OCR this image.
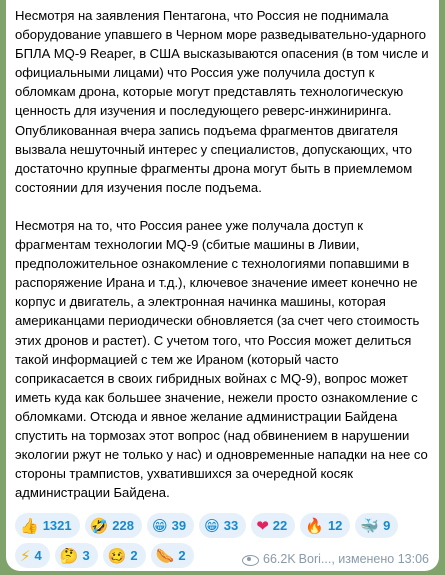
Несмотря на заявления Пентагона, что Россия не поднимала оборудование упавшего в Черном море разведывательно-ударного БПЛА MQ-9 Reaper, в США высказываются опасения (в том числе и официальными лицами) что Россия уже получила доступ к обломкам дрона, которые могут представлять технологическую ценность для изучения и последующего реверс-инжиниринга. Опубликованная вчера запись подъема фрагментов двигателя вызвала нешуточный интерес у специалистов, допускающих, что достаточно крупные фрагменты дрона могут быть в приемлемом состоянии для изучения после подъема.

Несмотря на то, что Россия ранее уже получала доступ к фрагментам технологии MQ-9 (сбитые машины в Ливии, предположительное ознакомление с технологиями попавшими в распоряжение Ирана и т.д.), ключевое значение имеет конечно не корпус и двигатель, а электронная начинка машины, которая американцами периодически обновляется (за счет чего стоимость этих дронов и растет). С учетом того, что Россия может делиться такой информацией с тем же Ираном (который часто соприкасается в своих гибридных войнах с MQ-9), вопрос может иметь куда как большее значение, нежели просто ознакомление с обломками. Отсюда и явное желание администрации Байдена спустить на тормозах этот вопрос (над обвинением в нарушении экологии ржут не только у нас) и одновременные нападки на нее со стороны трампистов, ухватившихся за очередной косяк администрации Байдена.

👍 1321 🤣 228 😁 39 😁 33 ❤ 22 🔥 12 🐳 9
⚡ 4 🤔 3 🥴 2 🌭 2	66.2K Bori..., изменено 13:06
